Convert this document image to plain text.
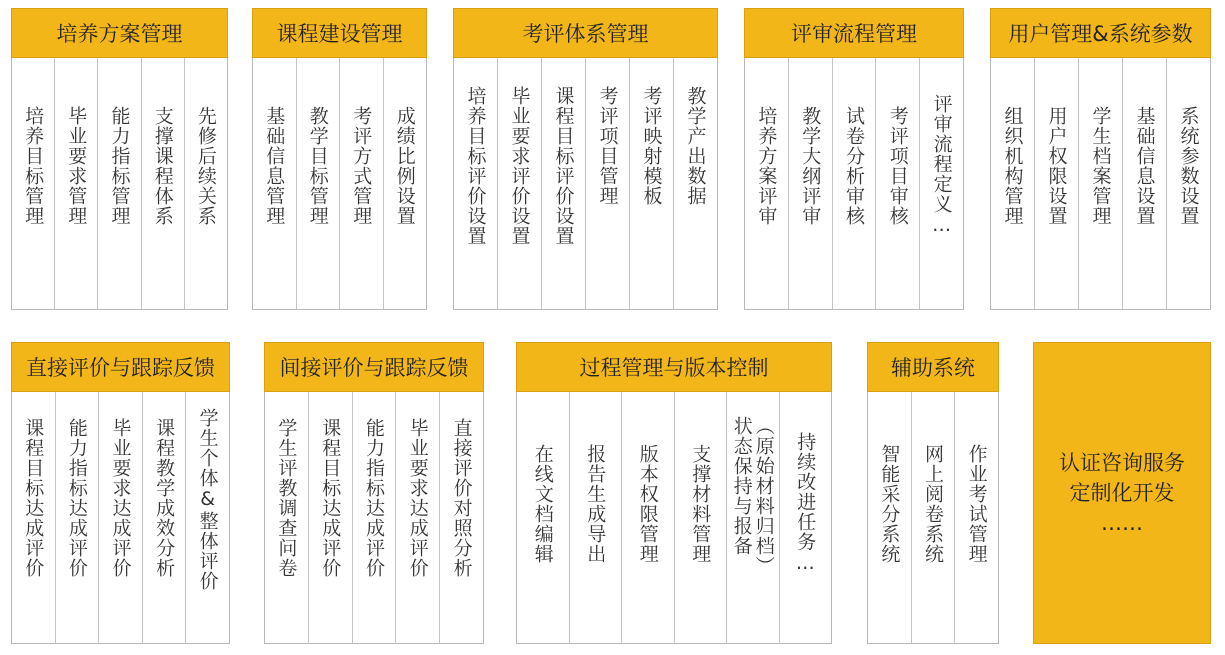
培养方案管理
培养目标管理 毕业要求管理 能力指标管理 支撑课程体系 先修后续关系
课程建设管理
基础信息管理 教学目标管理 考评方式管理 成绩比例设置
考评体系管理
培养目标评价设置 毕业要求评价设置 课程目标评价设置 考评项目管理 考评映射模板 教学产出数据
评审流程管理
培养方案评审 教学大纲评审 试卷分析审核 考评项目审核 评审流程定义…
用户管理&系统参数
组织机构管理 用户权限设置 学生档案管理 基础信息设置 系统参数设置
直接评价与跟踪反馈
课程目标达成评价 能力指标达成评价 毕业要求达成评价 课程教学成效分析 学生个体&整体评价
间接评价与跟踪反馈
学生评教调查问卷 课程目标达成评价 能力指标达成评价 毕业要求达成评价 直接评价对照分析
过程管理与版本控制
在线文档编辑 报告生成导出 版本权限管理 支撑材料管理	（原始材料归档）
状态保持与报备	持续改进任务…
辅助系统
智能采分系统 网上阅卷系统 作业考试管理	认证咨询服务
定制化开发
……
